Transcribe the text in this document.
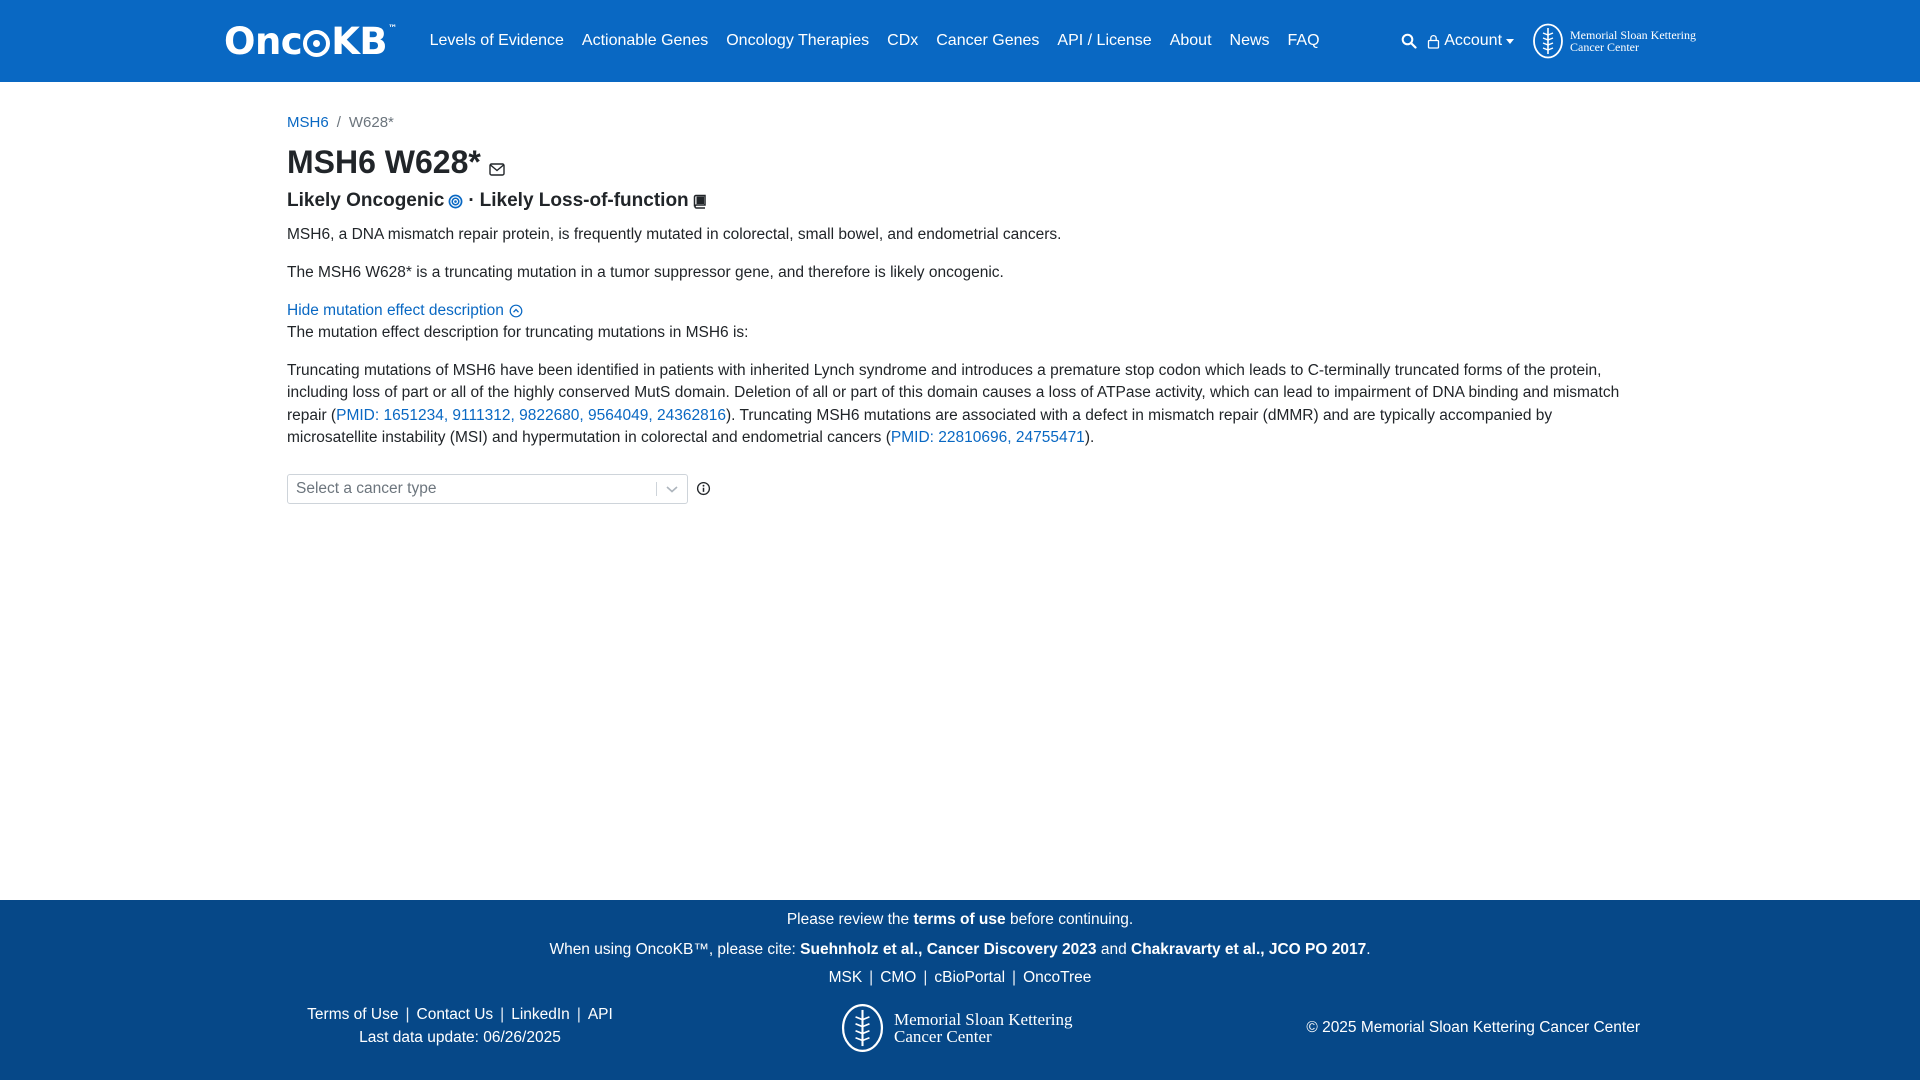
Onc KB ™
Levels of Evidence	Actionable Genes	Oncology Therapies	CDx	Cancer Genes	API / License	About	News	FAQ	Account	Memorial Sloan Kettering
Cancer Center
MSH6 / W628*
MSH6 W628*
Likely Oncogenic · Likely Loss-of-function

MSH6, a DNA mismatch repair protein, is frequently mutated in colorectal, small bowel, and endometrial cancers.

The MSH6 W628* is a truncating mutation in a tumor suppressor gene, and therefore is likely oncogenic.

Hide mutation effect description

The mutation effect description for truncating mutations in MSH6 is:

Truncating mutations of MSH6 have been identified in patients with inherited Lynch syndrome and introduces a premature stop codon which leads to C-terminally truncated forms of the protein, including loss of part or all of the highly conserved MutS domain. Deletion of all or part of this domain causes a loss of ATPase activity, which can lead to impairment of DNA binding and mismatch repair (PMID: 1651234, 9111312, 9822680, 9564049, 24362816). Truncating MSH6 mutations are associated with a defect in mismatch repair (dMMR) and are typically accompanied by microsatellite instability (MSI) and hypermutation in colorectal and endometrial cancers (PMID: 22810696, 24755471).

Select a cancer type
Please review the terms of use before continuing.
When using OncoKB™, please cite: Suehnholz et al., Cancer Discovery 2023 and Chakravarty et al., JCO PO 2017.
MSK | CMO | cBioPortal | OncoTree
Terms of Use | Contact Us | LinkedIn | API
Last data update: 06/26/2025
Memorial Sloan Kettering
Cancer Center	© 2025 Memorial Sloan Kettering Cancer Center
